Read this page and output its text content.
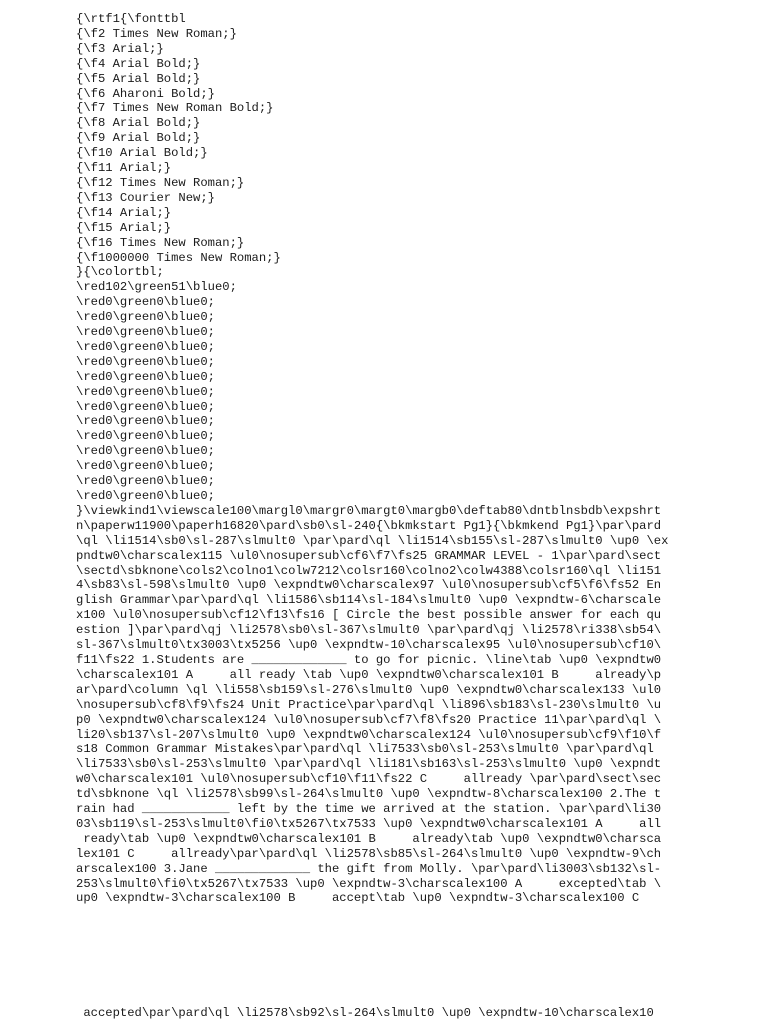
{\rtf1{\fonttbl
{\f2 Times New Roman;}
{\f3 Arial;}
{\f4 Arial Bold;}
{\f5 Arial Bold;}
{\f6 Aharoni Bold;}
{\f7 Times New Roman Bold;}
{\f8 Arial Bold;}
{\f9 Arial Bold;}
{\f10 Arial Bold;}
{\f11 Arial;}
{\f12 Times New Roman;}
{\f13 Courier New;}
{\f14 Arial;}
{\f15 Arial;}
{\f16 Times New Roman;}
{\f1000000 Times New Roman;}
}{\colortbl;
\red102\green51\blue0;
\red0\green0\blue0;
\red0\green0\blue0;
\red0\green0\blue0;
\red0\green0\blue0;
\red0\green0\blue0;
\red0\green0\blue0;
\red0\green0\blue0;
\red0\green0\blue0;
\red0\green0\blue0;
\red0\green0\blue0;
\red0\green0\blue0;
\red0\green0\blue0;
\red0\green0\blue0;
\red0\green0\blue0;
}\viewkind1\viewscale100\margl0\margr0\margt0\margb0\deftab80\dntblnsbdb\expshrt
n\paperw11900\paperh16820\pard\sb0\sl-240{\bkmkstart Pg1}{\bkmkend Pg1}\par\pard
\ql \li1514\sb0\sl-287\slmult0 \par\pard\ql \li1514\sb155\sl-287\slmult0 \up0 \ex
pndtw0\charscalex115 \ul0\nosupersub\cf6\f7\fs25 GRAMMAR LEVEL - 1\par\pard\sect
\sectd\sbknone\cols2\colno1\colw7212\colsr160\colno2\colw4388\colsr160\ql \li151
4\sb83\sl-598\slmult0 \up0 \expndtw0\charscalex97 \ul0\nosupersub\cf5\f6\fs52 En
glish Grammar\par\pard\ql \li1586\sb114\sl-184\slmult0 \up0 \expndtw-6\charscale
x100 \ul0\nosupersub\cf12\f13\fs16 [ Circle the best possible answer for each qu
estion ]\par\pard\qj \li2578\sb0\sl-367\slmult0 \par\pard\qj \li2578\ri338\sb54\
sl-367\slmult0\tx3003\tx5256 \up0 \expndtw-10\charscalex95 \ul0\nosupersub\cf10\
f11\fs22 1.Students are _____________ to go for picnic. \line\tab \up0 \expndtw0
\charscalex101 A     all ready \tab \up0 \expndtw0\charscalex101 B     already\p
ar\pard\column \ql \li558\sb159\sl-276\slmult0 \up0 \expndtw0\charscalex133 \ul0
\nosupersub\cf8\f9\fs24 Unit Practice\par\pard\ql \li896\sb183\sl-230\slmult0 \u
p0 \expndtw0\charscalex124 \ul0\nosupersub\cf7\f8\fs20 Practice 11\par\pard\ql \
li20\sb137\sl-207\slmult0 \up0 \expndtw0\charscalex124 \ul0\nosupersub\cf9\f10\f
s18 Common Grammar Mistakes\par\pard\ql \li7533\sb0\sl-253\slmult0 \par\pard\ql
\li7533\sb0\sl-253\slmult0 \par\pard\ql \li181\sb163\sl-253\slmult0 \up0 \expndt
w0\charscalex101 \ul0\nosupersub\cf10\f11\fs22 C     allready \par\pard\sect\sec
td\sbknone \ql \li2578\sb99\sl-264\slmult0 \up0 \expndtw-8\charscalex100 2.The t
rain had ____________ left by the time we arrived at the station. \par\pard\li30
03\sb119\sl-253\slmult0\fi0\tx5267\tx7533 \up0 \expndtw0\charscalex101 A     all
ready\tab \up0 \expndtw0\charscalex101 B     already\tab \up0 \expndtw0\charsca
lex101 C     allready\par\pard\ql \li2578\sb85\sl-264\slmult0 \up0 \expndtw-9\ch
arscalex100 3.Jane _____________ the gift from Molly. \par\pard\li3003\sb132\sl-
253\slmult0\fi0\tx5267\tx7533 \up0 \expndtw-3\charscalex100 A     excepted\tab \
up0 \expndtw-3\charscalex100 B     accept\tab \up0 \expndtw-3\charscalex100 C
accepted\par\pard\ql \li2578\sb92\sl-264\slmult0 \up0 \expndtw-10\charscalex10
